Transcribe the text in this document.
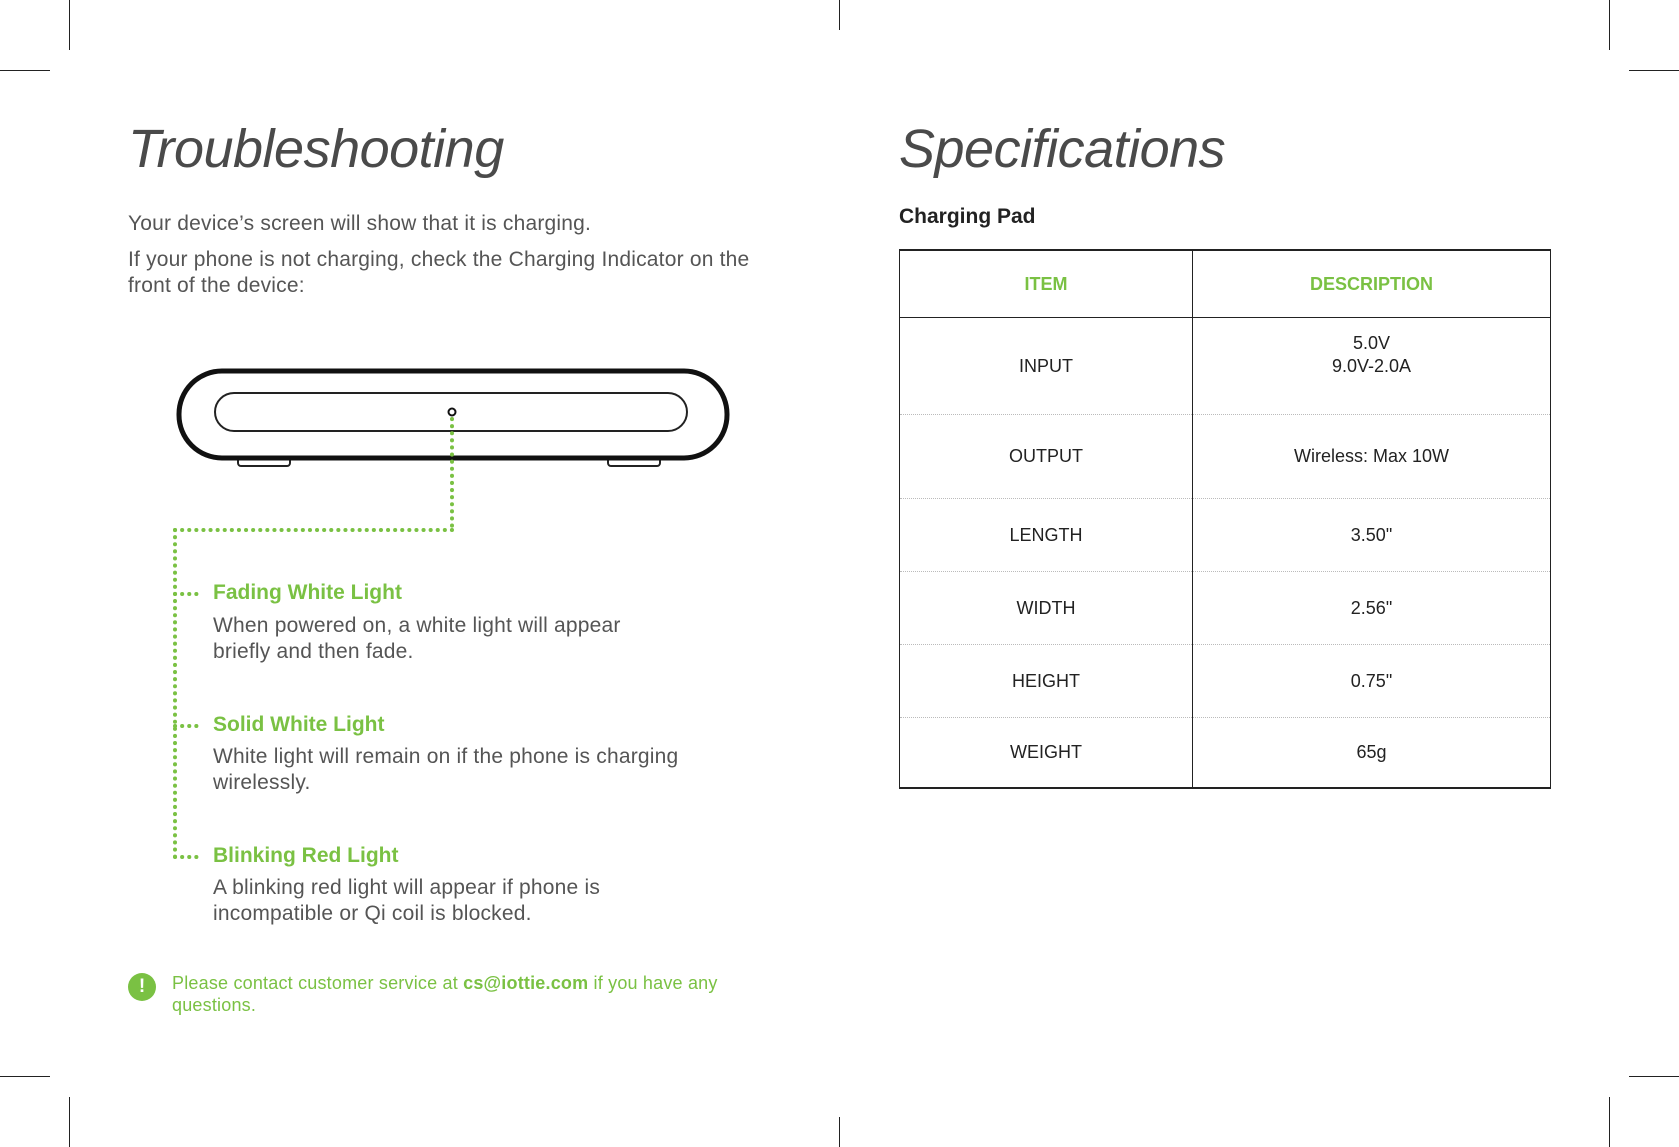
Troubleshooting

Your device’s screen will show that it is charging.

If your phone is not charging, check the Charging Indicator on the front of the device:

Fading White Light

When powered on, a white light will appear briefly and then fade.

Solid White Light

White light will remain on if the phone is charging wirelessly.

Blinking Red Light

A blinking red light will appear if phone is incompatible or Qi coil is blocked.

!	Please contact customer service at cs@iottie.com if you have any questions.
Specifications

Charging Pad

ITEM	DESCRIPTION
INPUT	5.0V
9.0V-2.0A

OUTPUT	Wireless: Max 10W
LENGTH	3.50"
WIDTH	2.56"
HEIGHT	0.75"
WEIGHT	65g
